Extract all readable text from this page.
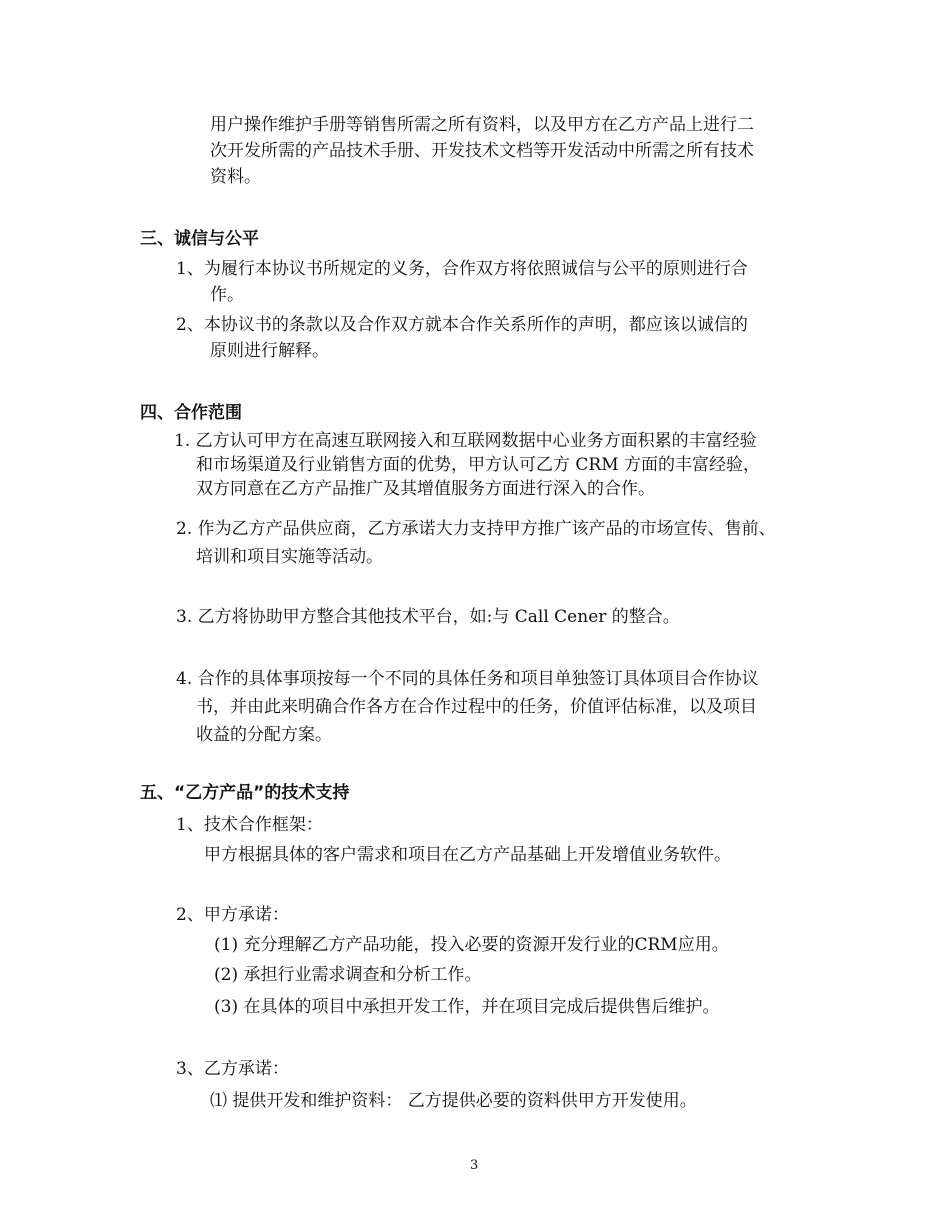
用户操作维护手册等销售所需之所有资料，以及甲方在乙方产品上进行二

次开发所需的产品技术手册、开发技术文档等开发活动中所需之所有技术

资料。

三、诚信与公平

1、为履行本协议书所规定的义务，合作双方将依照诚信与公平的原则进行合

作。

2、本协议书的条款以及合作双方就本合作关系所作的声明，都应该以诚信的

原则进行解释。

四、合作范围

1. 乙方认可甲方在高速互联网接入和互联网数据中心业务方面积累的丰富经验

和市场渠道及行业销售方面的优势，甲方认可乙方 CRM 方面的丰富经验，

双方同意在乙方产品推广及其增值服务方面进行深入的合作。

2. 作为乙方产品供应商，乙方承诺大力支持甲方推广该产品的市场宣传、售前、

培训和项目实施等活动。

3. 乙方将协助甲方整合其他技术平台，如:与 Call Cener 的整合。

4. 合作的具体事项按每一个不同的具体任务和项目单独签订具体项目合作协议

书，并由此来明确合作各方在合作过程中的任务，价值评估标准，以及项目

收益的分配方案。

五、“乙方产品”的技术支持

1、技术合作框架：

甲方根据具体的客户需求和项目在乙方产品基础上开发增值业务软件。

2、甲方承诺：

(1) 充分理解乙方产品功能，投入必要的资源开发行业的CRM应用。

(2) 承担行业需求调查和分析工作。

(3) 在具体的项目中承担开发工作，并在项目完成后提供售后维护。

3、乙方承诺：

⑴ 提供开发和维护资料： 乙方提供必要的资料供甲方开发使用。

3
